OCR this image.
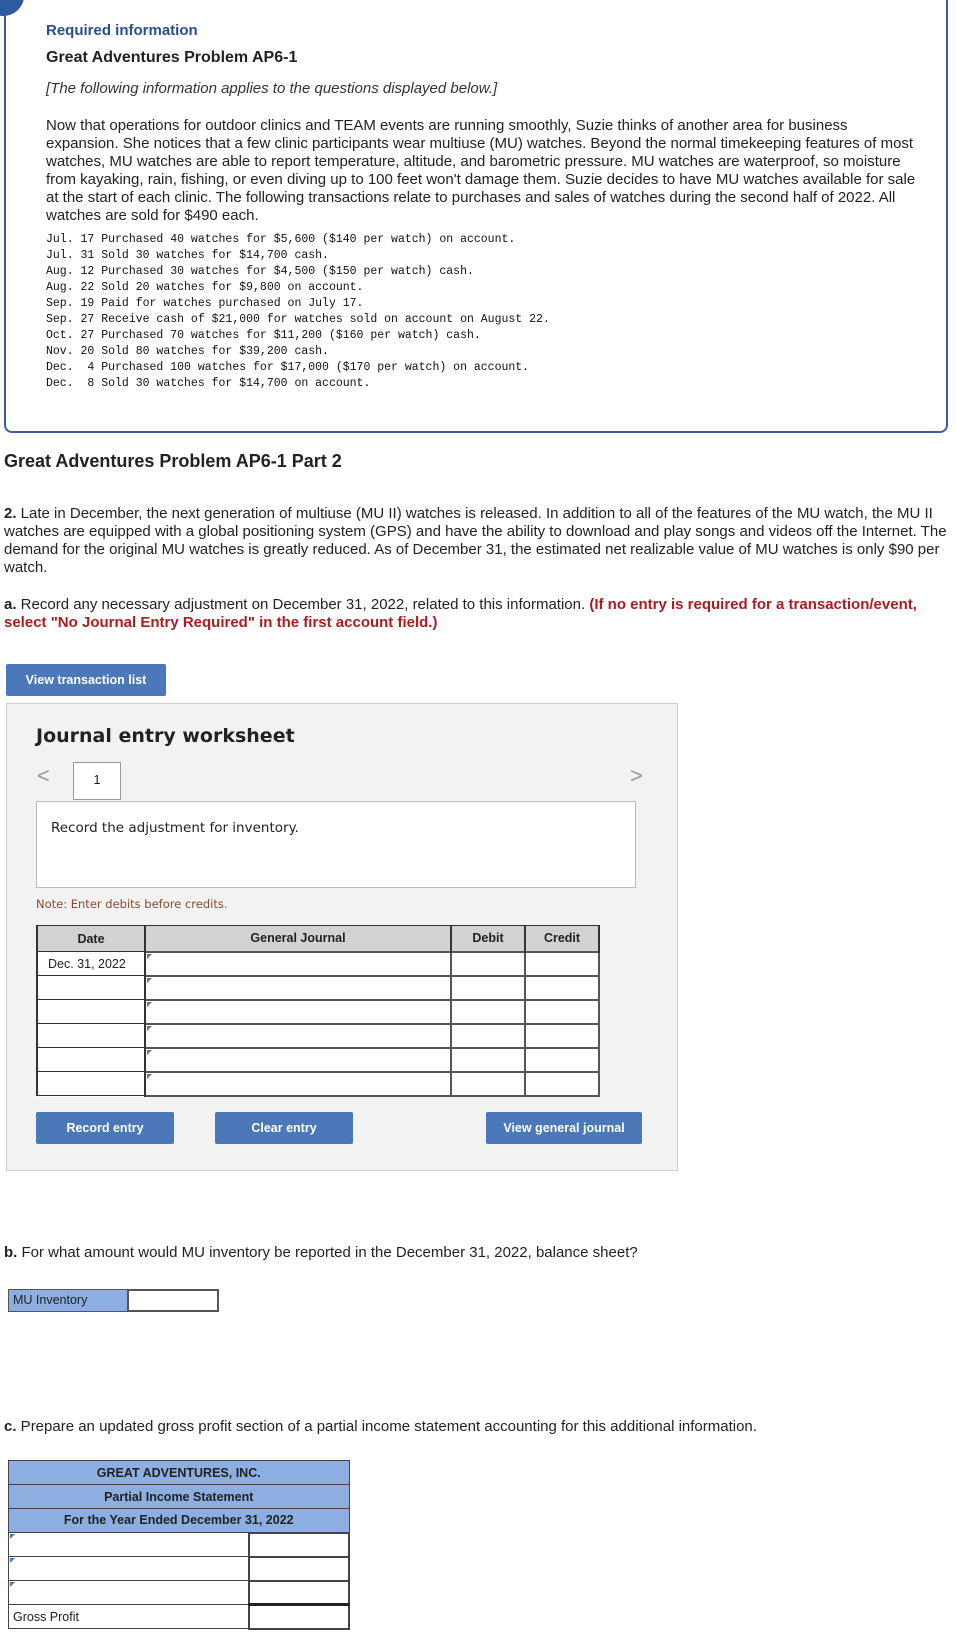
Required information
Great Adventures Problem AP6-1
[The following information applies to the questions displayed below.]
Now that operations for outdoor clinics and TEAM events are running smoothly, Suzie thinks of another area for business expansion. She notices that a few clinic participants wear multiuse (MU) watches. Beyond the normal timekeeping features of most watches, MU watches are able to report temperature, altitude, and barometric pressure. MU watches are waterproof, so moisture from kayaking, rain, fishing, or even diving up to 100 feet won't damage them. Suzie decides to have MU watches available for sale at the start of each clinic. The following transactions relate to purchases and sales of watches during the second half of 2022. All watches are sold for $490 each.
Jul. 17 Purchased 40 watches for $5,600 ($140 per watch) on account.
Jul. 31 Sold 30 watches for $14,700 cash.
Aug. 12 Purchased 30 watches for $4,500 ($150 per watch) cash.
Aug. 22 Sold 20 watches for $9,800 on account.
Sep. 19 Paid for watches purchased on July 17.
Sep. 27 Receive cash of $21,000 for watches sold on account on August 22.
Oct. 27 Purchased 70 watches for $11,200 ($160 per watch) cash.
Nov. 20 Sold 80 watches for $39,200 cash.
Dec.  4 Purchased 100 watches for $17,000 ($170 per watch) on account.
Dec.  8 Sold 30 watches for $14,700 on account.
Great Adventures Problem AP6-1 Part 2
2. Late in December, the next generation of multiuse (MU II) watches is released. In addition to all of the features of the MU watch, the MU II watches are equipped with a global positioning system (GPS) and have the ability to download and play songs and videos off the Internet. The demand for the original MU watches is greatly reduced. As of December 31, the estimated net realizable value of MU watches is only $90 per watch.
a. Record any necessary adjustment on December 31, 2022, related to this information. (If no entry is required for a transaction/event, select "No Journal Entry Required" in the first account field.)
View transaction list
Journal entry worksheet
<	>
1
Record the adjustment for inventory.
Note: Enter debits before credits.
Date	General Journal	Debit	Credit
Dec. 31, 2022			

Record entry	Clear entry	View general journal
b. For what amount would MU inventory be reported in the December 31, 2022, balance sheet?
MU Inventory
c. Prepare an updated gross profit section of a partial income statement accounting for this additional information.
GREAT ADVENTURES, INC.	
Partial Income Statement	
For the Year Ended December 31, 2022	

Gross Profit	
